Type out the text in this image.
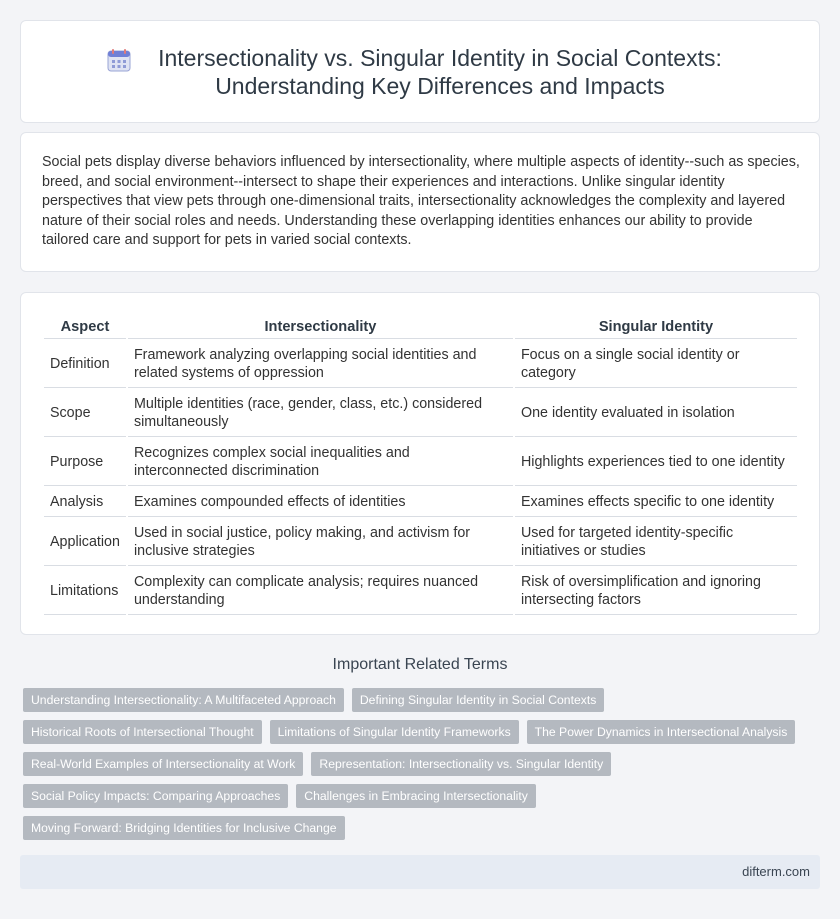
Intersectionality vs. Singular Identity in Social Contexts: Understanding Key Differences and Impacts

Social pets display diverse behaviors influenced by intersectionality, where multiple aspects of identity--such as species, breed, and social environment--intersect to shape their experiences and interactions. Unlike singular identity perspectives that view pets through one-dimensional traits, intersectionality acknowledges the complexity and layered nature of their social roles and needs. Understanding these overlapping identities enhances our ability to provide tailored care and support for pets in varied social contexts.

Aspect	Intersectionality	Singular Identity
Definition	Framework analyzing overlapping social identities and related systems of oppression	Focus on a single social identity or category
Scope	Multiple identities (race, gender, class, etc.) considered simultaneously	One identity evaluated in isolation
Purpose	Recognizes complex social inequalities and interconnected discrimination	Highlights experiences tied to one identity
Analysis	Examines compounded effects of identities	Examines effects specific to one identity
Application	Used in social justice, policy making, and activism for inclusive strategies	Used for targeted identity-specific initiatives or studies
Limitations	Complexity can complicate analysis; requires nuanced understanding	Risk of oversimplification and ignoring intersecting factors
Important Related Terms
Understanding Intersectionality: A Multifaceted Approach	Defining Singular Identity in Social Contexts
Historical Roots of Intersectional Thought	Limitations of Singular Identity Frameworks	The Power Dynamics in Intersectional Analysis
Real-World Examples of Intersectionality at Work	Representation: Intersectionality vs. Singular Identity
Social Policy Impacts: Comparing Approaches	Challenges in Embracing Intersectionality
Moving Forward: Bridging Identities for Inclusive Change
difterm.com
